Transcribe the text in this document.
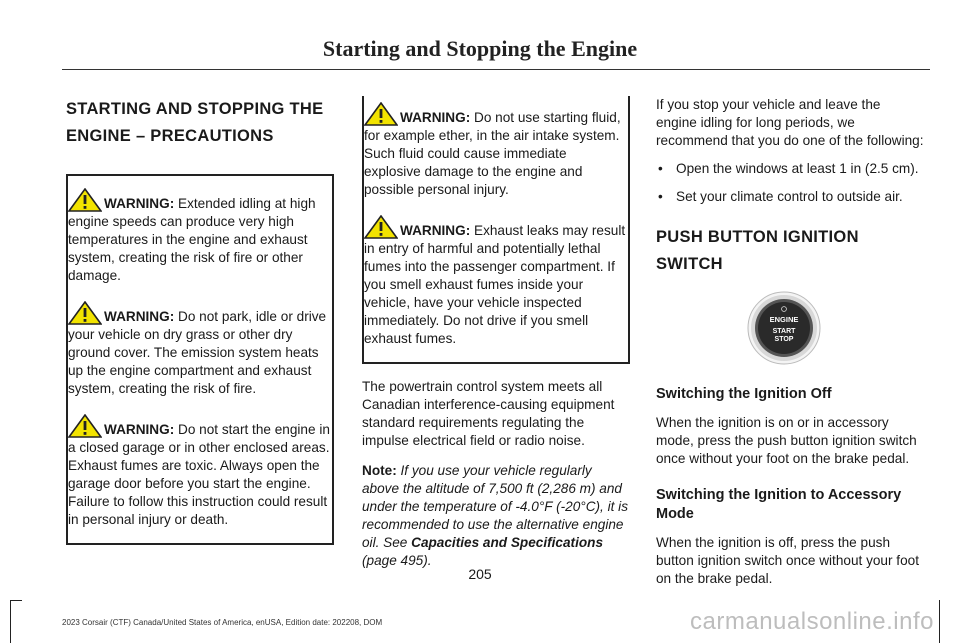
Starting and Stopping the Engine
STARTING AND STOPPING THE
ENGINE – PRECAUTIONS

WARNING: Extended idling at high engine speeds can produce very high temperatures in the engine and exhaust system, creating the risk of fire or other damage.

WARNING: Do not park, idle or drive your vehicle on dry grass or other dry ground cover. The emission system heats up the engine compartment and exhaust system, creating the risk of fire.

WARNING: Do not start the engine in a closed garage or in other enclosed areas. Exhaust fumes are toxic. Always open the garage door before you start the engine. Failure to follow this instruction could result in personal injury or death.

WARNING: Do not use starting fluid, for example ether, in the air intake system. Such fluid could cause immediate explosive damage to the engine and possible personal injury.

WARNING: Exhaust leaks may result in entry of harmful and potentially lethal fumes into the passenger compartment. If you smell exhaust fumes inside your vehicle, have your vehicle inspected immediately. Do not drive if you smell exhaust fumes.

The powertrain control system meets all Canadian interference-causing equipment standard requirements regulating the impulse electrical field or radio noise.

Note: If you use your vehicle regularly above the altitude of 7,500 ft (2,286 m) and under the temperature of -4.0°F (-20°C), it is recommended to use the alternative engine oil. See Capacities and Specifications (page 495).

If you stop your vehicle and leave the engine idling for long periods, we recommend that you do one of the following:

• Open the windows at least 1 in (2.5 cm).
• Set your climate control to outside air.
PUSH BUTTON IGNITION SWITCH
ENGINE
START
STOP
Switching the Ignition Off

When the ignition is on or in accessory mode, press the push button ignition switch once without your foot on the brake pedal.

Switching the Ignition to Accessory Mode

When the ignition is off, press the push button ignition switch once without your foot on the brake pedal.

205
2023 Corsair (CTF) Canada/United States of America, enUSA, Edition date: 202208, DOM	carmanualsonline.info
